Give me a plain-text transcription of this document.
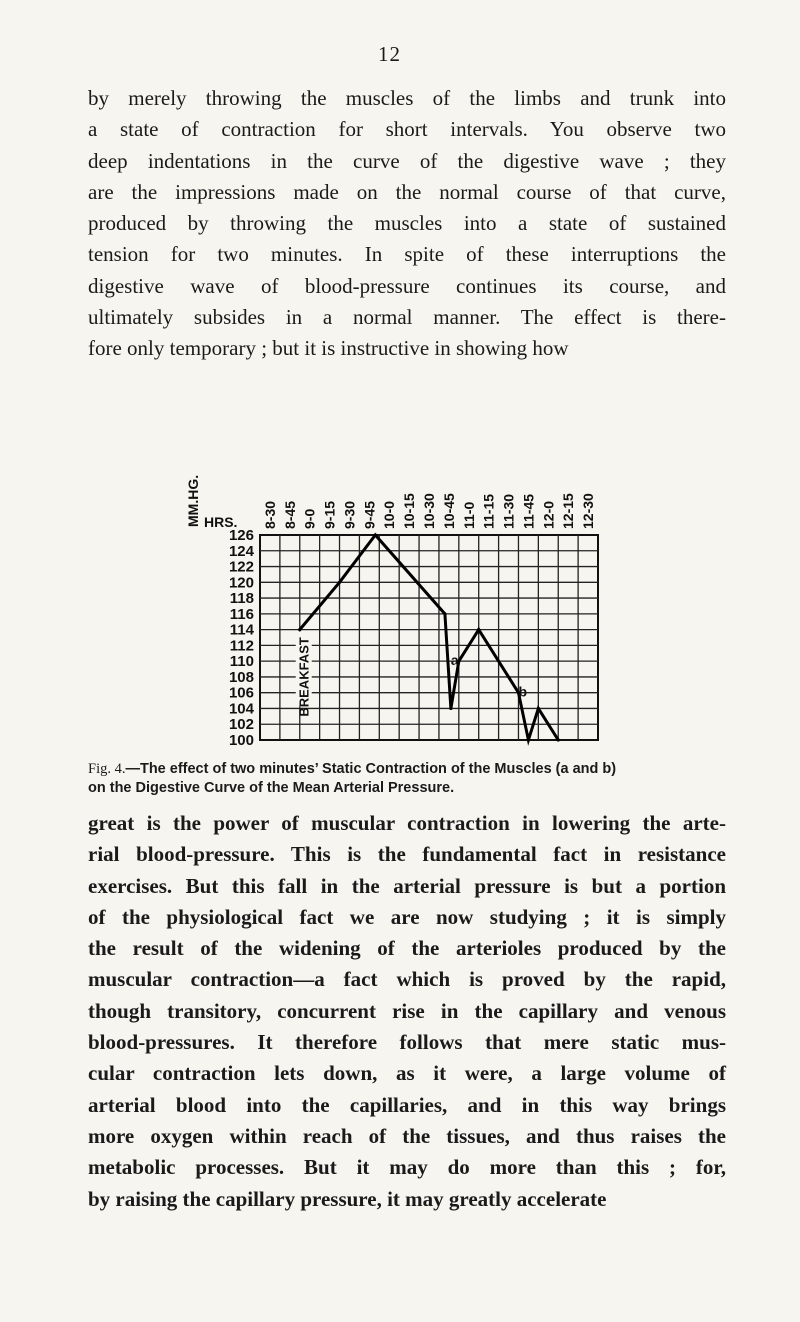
12
by merely throwing the muscles of the limbs and trunk into
a state of contraction for short intervals. You observe two
deep indentations in the curve of the digestive wave ; they
are the impressions made on the normal course of that curve,
produced by throwing the muscles into a state of sustained
tension for two minutes. In spite of these interruptions the
digestive wave of blood-pressure continues its course, and
ultimately subsides in a normal manner. The effect is there-
fore only temporary ; but it is instructive in showing how
126
124
122
120
118
116
114
112
110
108
106
104
102
100
8-30 8-45 9-0 9-15 9-30 9-45 10-0 10-15 10-30 10-45 11-0 11-15 11-30 11-45 12-0 12-15 12-30
MM.HG. HRS.
BREAKFAST	a
b
Fig. 4.—The effect of two minutes’ Static Contraction of the Muscles (a and b)
on the Digestive Curve of the Mean Arterial Pressure.
great is the power of muscular contraction in lowering the arte-
rial blood-pressure. This is the fundamental fact in resistance
exercises. But this fall in the arterial pressure is but a portion
of the physiological fact we are now studying ; it is simply
the result of the widening of the arterioles produced by the
muscular contraction—a fact which is proved by the rapid,
though transitory, concurrent rise in the capillary and venous
blood-pressures. It therefore follows that mere static mus-
cular contraction lets down, as it were, a large volume of
arterial blood into the capillaries, and in this way brings
more oxygen within reach of the tissues, and thus raises the
metabolic processes. But it may do more than this ; for,
by raising the capillary pressure, it may greatly accelerate
